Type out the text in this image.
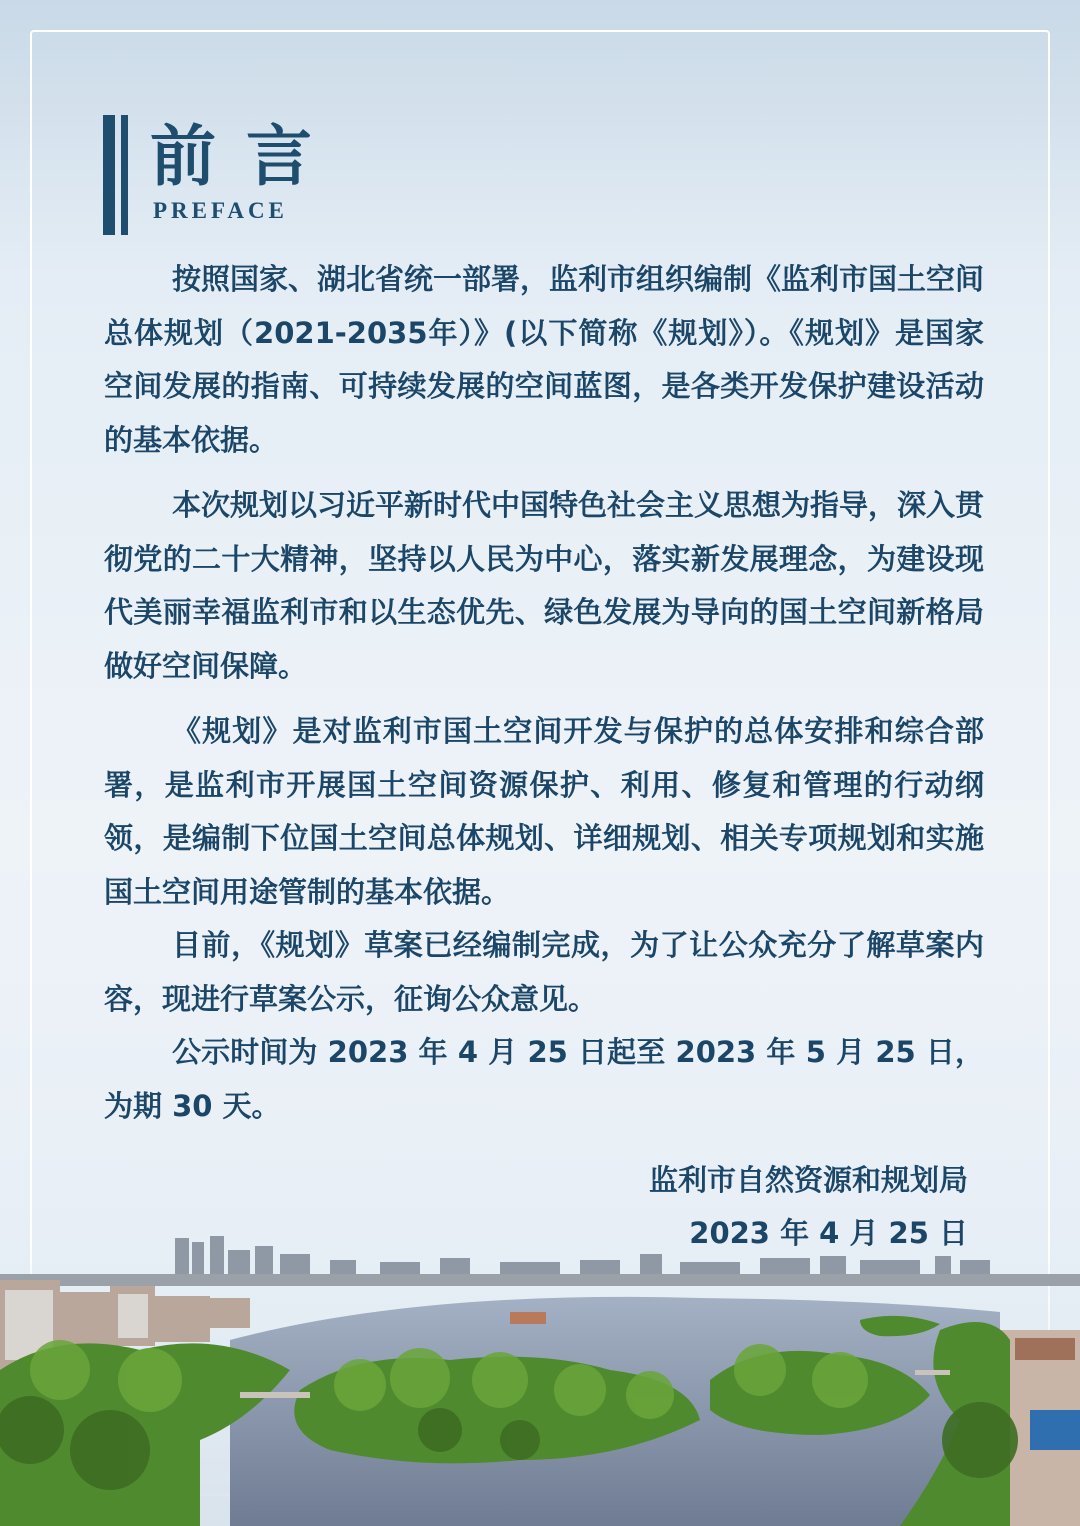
前言
PREFACE

按照国家、湖北省统一部署，监利市组织编制《监利市国土空间总体规划（2021-2035年）》(以下简称《规划》）。《规划》是国家空间发展的指南、可持续发展的空间蓝图，是各类开发保护建设活动的基本依据。

本次规划以习近平新时代中国特色社会主义思想为指导，深入贯彻党的二十大精神，坚持以人民为中心，落实新发展理念，为建设现代美丽幸福监利市和以生态优先、绿色发展为导向的国土空间新格局做好空间保障。

《规划》是对监利市国土空间开发与保护的总体安排和综合部署，是监利市开展国土空间资源保护、利用、修复和管理的行动纲领，是编制下位国土空间总体规划、详细规划、相关专项规划和实施国土空间用途管制的基本依据。

目前，《规划》草案已经编制完成，为了让公众充分了解草案内容，现进行草案公示，征询公众意见。

公示时间为 2023 年 4 月 25 日起至 2023 年 5 月 25 日，为期 30 天。

监利市自然资源和规划局
2023 年 4 月 25 日
